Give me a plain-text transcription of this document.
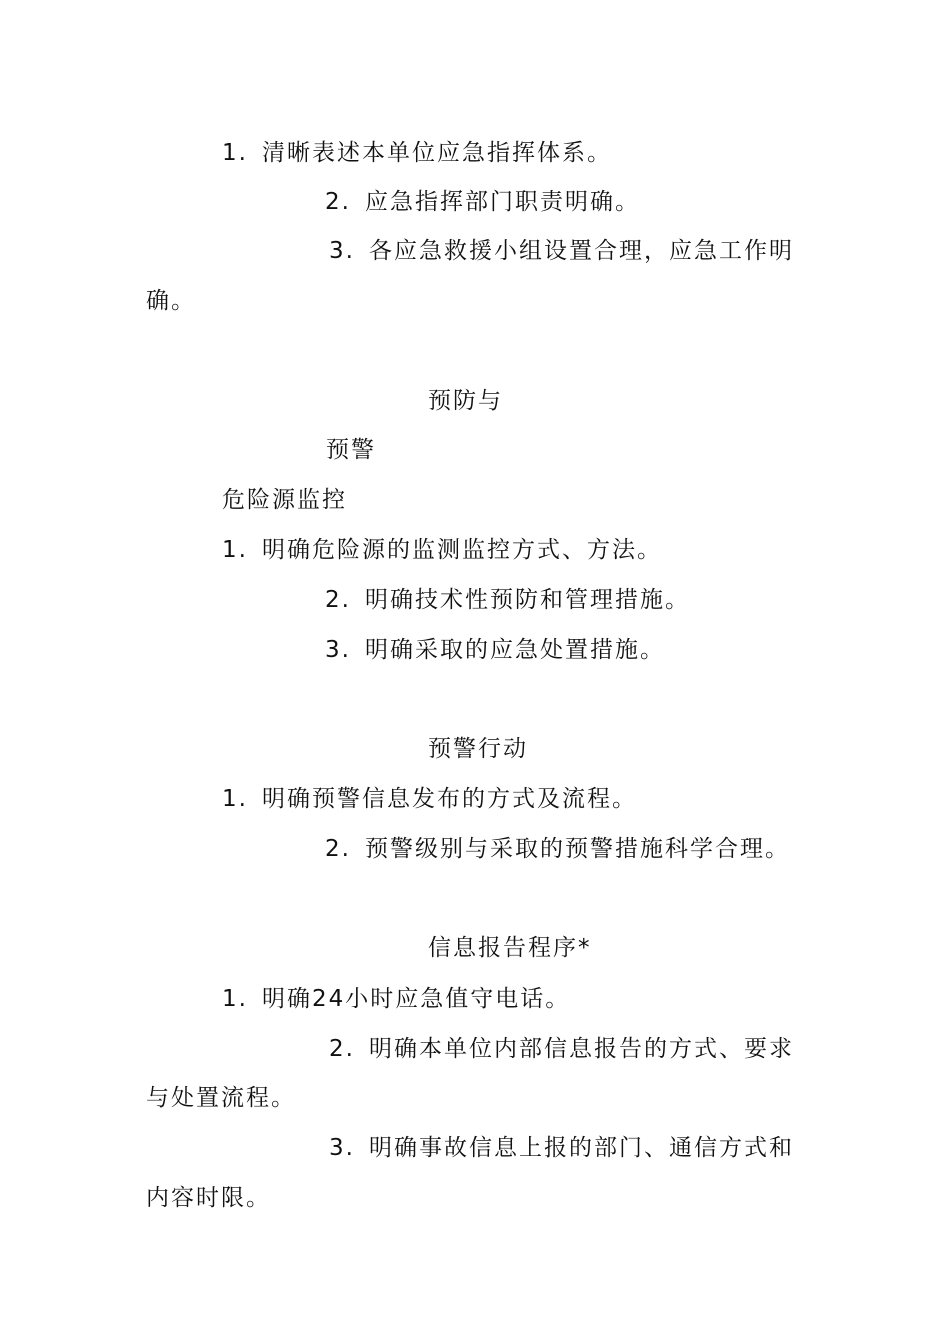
1. 清晰表述本单位应急指挥体系。
2. 应急指挥部门职责明确。
3. 各应急救援小组设置合理，应急工作明
确。
预防与
预警
危险源监控
1. 明确危险源的监测监控方式、方法。
2. 明确技术性预防和管理措施。
3. 明确采取的应急处置措施。
预警行动
1. 明确预警信息发布的方式及流程。
2. 预警级别与采取的预警措施科学合理。
信息报告程序*
1. 明确24小时应急值守电话。
2. 明确本单位内部信息报告的方式、要求
与处置流程。
3. 明确事故信息上报的部门、通信方式和
内容时限。
